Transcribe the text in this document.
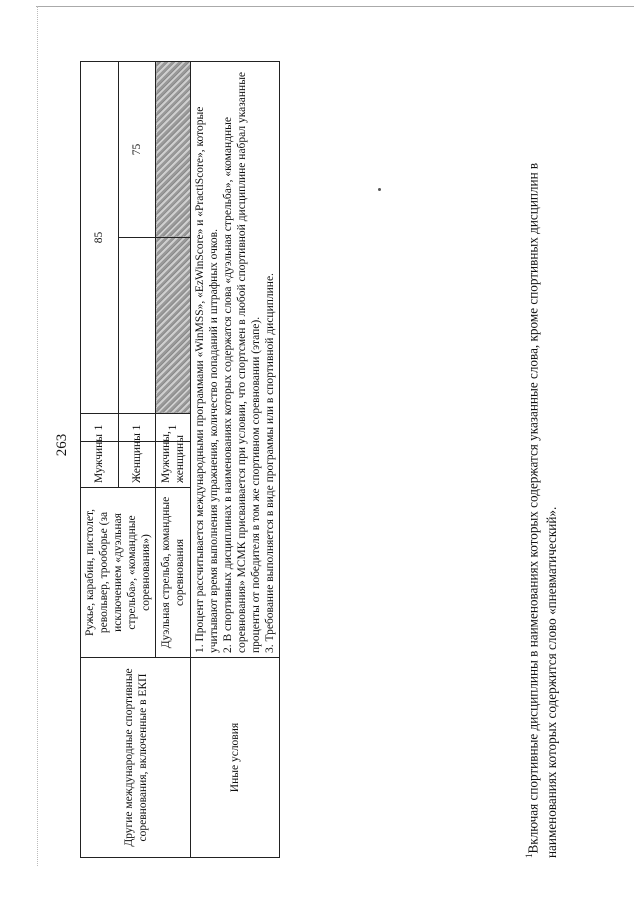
263
Другие международные спортивные соревнования, включенные в ЕКП	Ружье, карабин, пистолет, револьвер, трооборье (за исключением «дуэльная стрельба», «командные соревнования»)	Мужчины	1	85	
		Женщины	1		75
	Дуэльная стрельба, командные соревнования	Мужчины, женщины	1		
Иные условия	1. Процент рассчитывается международными программами «WinMSS», «EzWinScore» и «PractiScore», которые учитывают время выполнения упражнения, количество попаданий и штрафных очков. 2. В спортивных дисциплинах в наименованиях которых содержатся слова «дуэльная стрельба», «командные соревнования» МСМК присваивается при условии, что спортсмен в любой спортивной дисциплине набрал указанные проценты от победителя в том же спортивном соревновании (этапе). 3. Требование выполняется в виде программы или в спортивной дисциплине.				

$^1$Включая спортивные дисциплины в наименованиях которых содержатся указанные слова, кроме спортивных дисциплин в наименованиях которых содержится слово «пневматический».
